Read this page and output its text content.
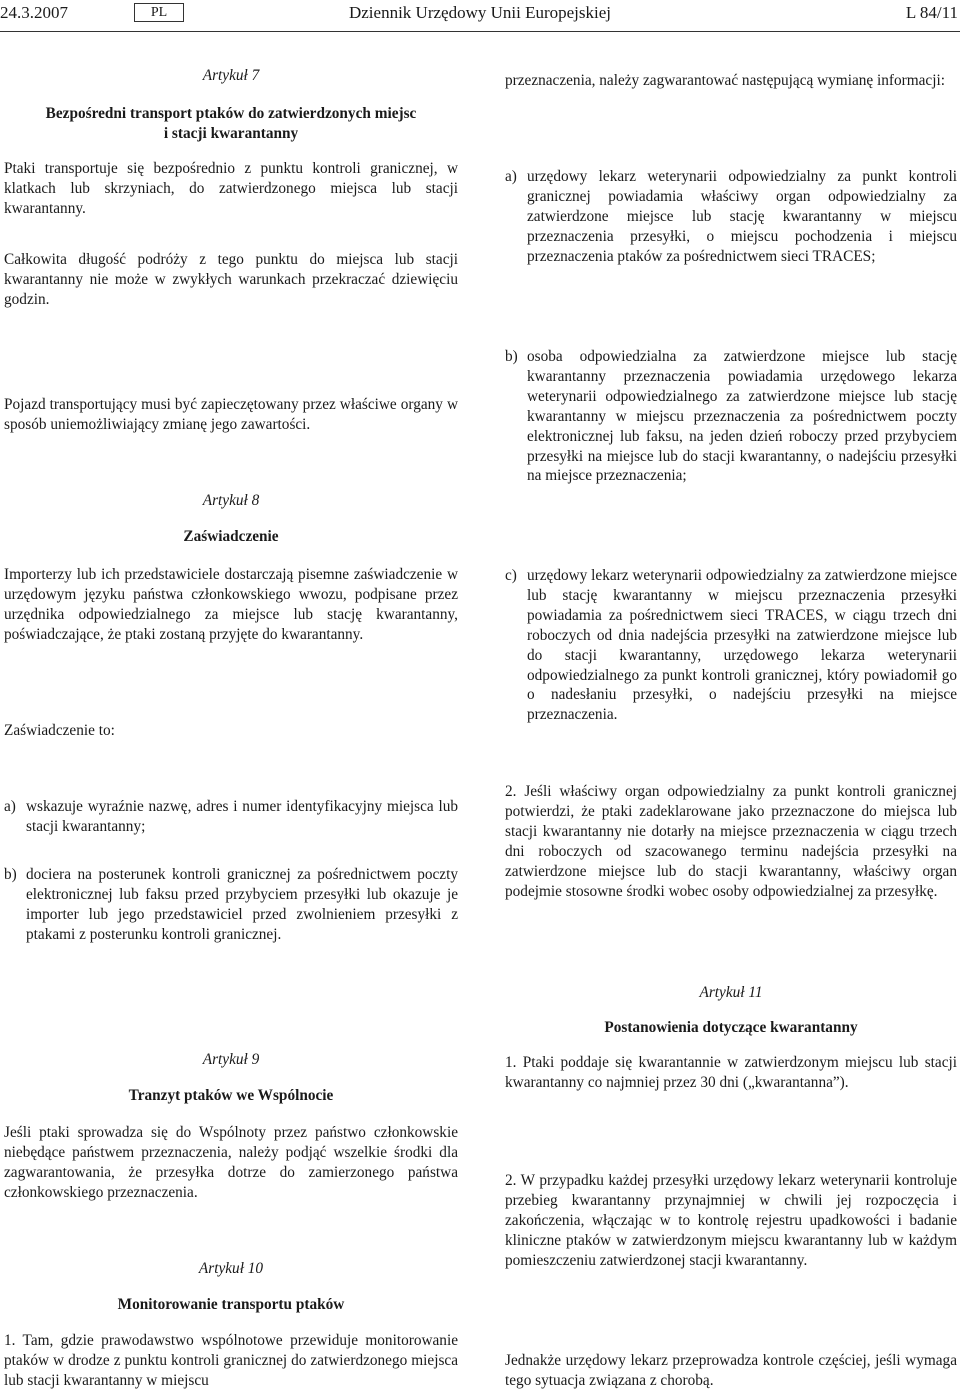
24.3.2007	PL	Dziennik Urzędowy Unii Europejskiej	L 84/11
Artykuł 7
Bezpośredni transport ptaków do zatwierdzonych miejsc
i stacji kwarantanny
Ptaki transportuje się bezpośrednio z punktu kontroli granicznej, w klatkach lub skrzyniach, do zatwierdzonego miejsca lub stacji kwarantanny.
Całkowita długość podróży z tego punktu do miejsca lub stacji kwarantanny nie może w zwykłych warunkach przekraczać dziewięciu godzin.
Pojazd transportujący musi być zapieczętowany przez właściwe organy w sposób uniemożliwiający zmianę jego zawartości.
Artykuł 8
Zaświadczenie
Importerzy lub ich przedstawiciele dostarczają pisemne zaświadczenie w urzędowym języku państwa członkowskiego wwozu, podpisane przez urzędnika odpowiedzialnego za miejsce lub stację kwarantanny, poświadczające, że ptaki zostaną przyjęte do kwarantanny.
Zaświadczenie to:
a) wskazuje wyraźnie nazwę, adres i numer identyfikacyjny miejsca lub stacji kwarantanny;
b) dociera na posterunek kontroli granicznej za pośrednictwem poczty elektronicznej lub faksu przed przybyciem przesyłki lub okazuje je importer lub jego przedstawiciel przed zwolnieniem przesyłki z ptakami z posterunku kontroli granicznej.
Artykuł 9
Tranzyt ptaków we Wspólnocie
Jeśli ptaki sprowadza się do Wspólnoty przez państwo członkowskie niebędące państwem przeznaczenia, należy podjąć wszelkie środki dla zagwarantowania, że przesyłka dotrze do zamierzonego państwa członkowskiego przeznaczenia.
Artykuł 10
Monitorowanie transportu ptaków
1. Tam, gdzie prawodawstwo wspólnotowe przewiduje monitorowanie ptaków w drodze z punktu kontroli granicznej do zatwierdzonego miejsca lub stacji kwarantanny w miejscu
przeznaczenia, należy zagwarantować następującą wymianę informacji:
a) urzędowy lekarz weterynarii odpowiedzialny za punkt kontroli granicznej powiadamia właściwy organ odpowiedzialny za zatwierdzone miejsce lub stację kwarantanny w miejscu przeznaczenia przesyłki, o miejscu pochodzenia i miejscu przeznaczenia ptaków za pośrednictwem sieci TRACES;
b) osoba odpowiedzialna za zatwierdzone miejsce lub stację kwarantanny przeznaczenia powiadamia urzędowego lekarza weterynarii odpowiedzialnego za zatwierdzone miejsce lub stację kwarantanny w miejscu przeznaczenia za pośrednictwem poczty elektronicznej lub faksu, na jeden dzień roboczy przed przybyciem przesyłki na miejsce lub do stacji kwarantanny, o nadejściu przesyłki na miejsce przeznaczenia;
c) urzędowy lekarz weterynarii odpowiedzialny za zatwierdzone miejsce lub stację kwarantanny w miejscu przeznaczenia przesyłki powiadamia za pośrednictwem sieci TRACES, w ciągu trzech dni roboczych od dnia nadejścia przesyłki na zatwierdzone miejsce lub do stacji kwarantanny, urzędowego lekarza weterynarii odpowiedzialnego za punkt kontroli granicznej, który powiadomił go o nadesłaniu przesyłki, o nadejściu przesyłki na miejsce przeznaczenia.
2. Jeśli właściwy organ odpowiedzialny za punkt kontroli granicznej potwierdzi, że ptaki zadeklarowane jako przeznaczone do miejsca lub stacji kwarantanny nie dotarły na miejsce przeznaczenia w ciągu trzech dni roboczych od szacowanego terminu nadejścia przesyłki na zatwierdzone miejsce lub do stacji kwarantanny, właściwy organ podejmie stosowne środki wobec osoby odpowiedzialnej za przesyłkę.
Artykuł 11
Postanowienia dotyczące kwarantanny
1. Ptaki poddaje się kwarantannie w zatwierdzonym miejscu lub stacji kwarantanny co najmniej przez 30 dni („kwarantanna”).
2. W przypadku każdej przesyłki urzędowy lekarz weterynarii kontroluje przebieg kwarantanny przynajmniej w chwili jej rozpoczęcia i zakończenia, włączając w to kontrolę rejestru upadkowości i badanie kliniczne ptaków w zatwierdzonym miejscu kwarantanny lub w każdym pomieszczeniu zatwierdzonej stacji kwarantanny.
Jednakże urzędowy lekarz przeprowadza kontrole częściej, jeśli wymaga tego sytuacja związana z chorobą.
